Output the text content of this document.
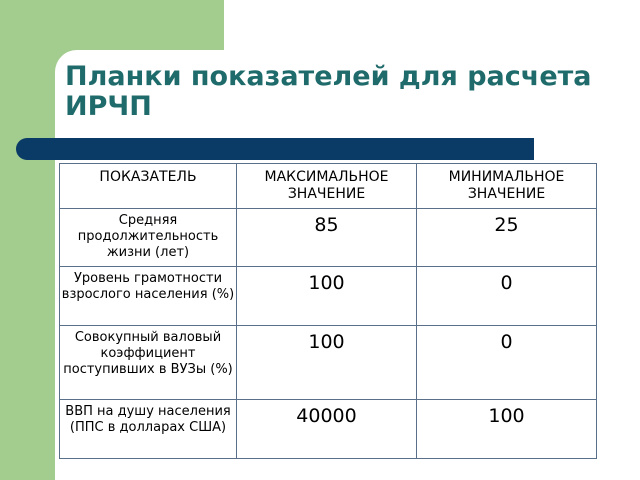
Планки показателей для расчета ИРЧП
ПОКАЗАТЕЛЬ	МАКСИМАЛЬНОЕ ЗНАЧЕНИЕ	МИНИМАЛЬНОЕ ЗНАЧЕНИЕ
Средняя продолжительность жизни (лет)	85	25
Уровень грамотности взрослого населения (%)	100	0
Совокупный валовый коэффициент поступивших в ВУЗы (%)	100	0
ВВП на душу населения (ППС в долларах США)	40000	100
